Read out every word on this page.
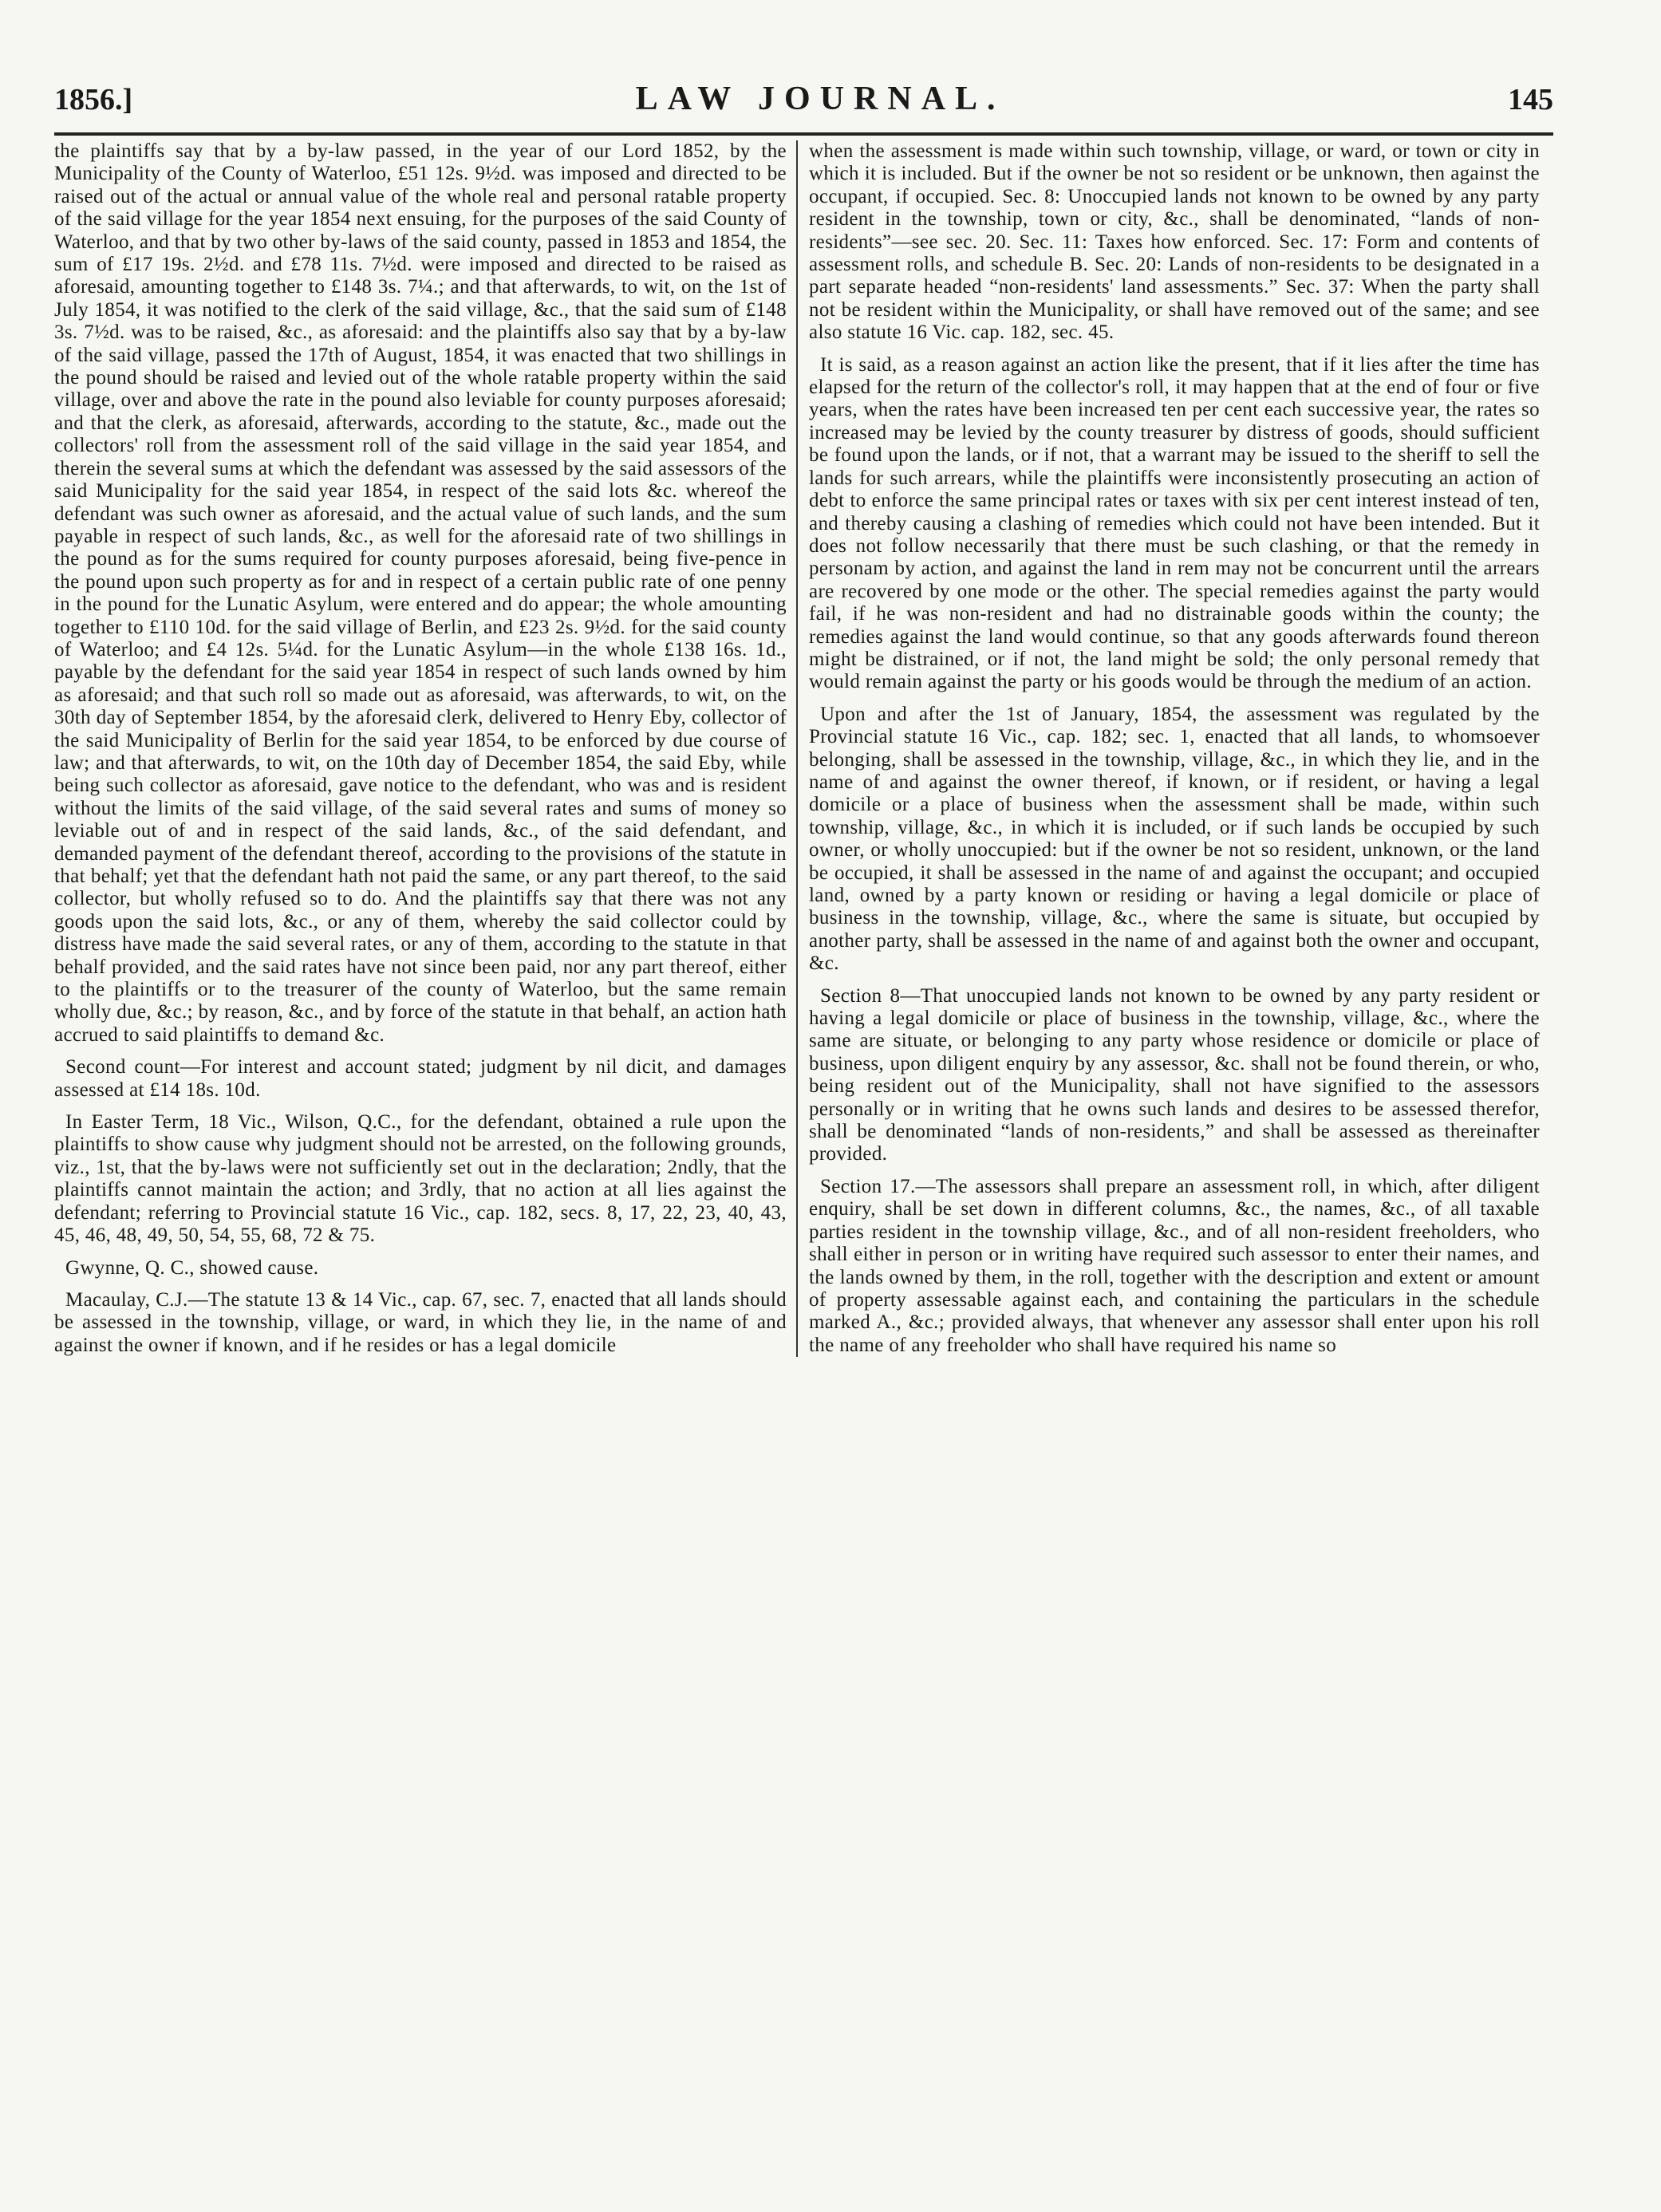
1856.]	LAW JOURNAL.	145

the plaintiffs say that by a by-law passed, in the year of our Lord 1852, by the Municipality of the County of Waterloo, £51 12s. 9½d. was imposed and directed to be raised out of the actual or annual value of the whole real and personal ratable property of the said village for the year 1854 next ensuing, for the purposes of the said County of Waterloo, and that by two other by-laws of the said county, passed in 1853 and 1854, the sum of £17 19s. 2½d. and £78 11s. 7½d. were imposed and directed to be raised as aforesaid, amounting together to £148 3s. 7¼.; and that afterwards, to wit, on the 1st of July 1854, it was notified to the clerk of the said village, &c., that the said sum of £148 3s. 7½d. was to be raised, &c., as aforesaid: and the plaintiffs also say that by a by-law of the said village, passed the 17th of August, 1854, it was enacted that two shillings in the pound should be raised and levied out of the whole ratable property within the said village, over and above the rate in the pound also leviable for county purposes aforesaid; and that the clerk, as aforesaid, afterwards, according to the statute, &c., made out the collectors' roll from the assessment roll of the said village in the said year 1854, and therein the several sums at which the defendant was assessed by the said assessors of the said Municipality for the said year 1854, in respect of the said lots &c. whereof the defendant was such owner as aforesaid, and the actual value of such lands, and the sum payable in respect of such lands, &c., as well for the aforesaid rate of two shillings in the pound as for the sums required for county purposes aforesaid, being five-pence in the pound upon such property as for and in respect of a certain public rate of one penny in the pound for the Lunatic Asylum, were entered and do appear; the whole amounting together to £110 10d. for the said village of Berlin, and £23 2s. 9½d. for the said county of Waterloo; and £4 12s. 5¼d. for the Lunatic Asylum—in the whole £138 16s. 1d., payable by the defendant for the said year 1854 in respect of such lands owned by him as aforesaid; and that such roll so made out as aforesaid, was afterwards, to wit, on the 30th day of September 1854, by the aforesaid clerk, delivered to Henry Eby, collector of the said Municipality of Berlin for the said year 1854, to be enforced by due course of law; and that afterwards, to wit, on the 10th day of December 1854, the said Eby, while being such collector as aforesaid, gave notice to the defendant, who was and is resident without the limits of the said village, of the said several rates and sums of money so leviable out of and in respect of the said lands, &c., of the said defendant, and demanded payment of the defendant thereof, according to the provisions of the statute in that behalf; yet that the defendant hath not paid the same, or any part thereof, to the said collector, but wholly refused so to do. And the plaintiffs say that there was not any goods upon the said lots, &c., or any of them, whereby the said collector could by distress have made the said several rates, or any of them, according to the statute in that behalf provided, and the said rates have not since been paid, nor any part thereof, either to the plaintiffs or to the treasurer of the county of Waterloo, but the same remain wholly due, &c.; by reason, &c., and by force of the statute in that behalf, an action hath accrued to said plaintiffs to demand &c.

Second count—For interest and account stated; judgment by nil dicit, and damages assessed at £14 18s. 10d.

In Easter Term, 18 Vic., Wilson, Q.C., for the defendant, obtained a rule upon the plaintiffs to show cause why judgment should not be arrested, on the following grounds, viz., 1st, that the by-laws were not sufficiently set out in the declaration; 2ndly, that the plaintiffs cannot maintain the action; and 3rdly, that no action at all lies against the defendant; referring to Provincial statute 16 Vic., cap. 182, secs. 8, 17, 22, 23, 40, 43, 45, 46, 48, 49, 50, 54, 55, 68, 72 & 75.

Gwynne, Q. C., showed cause.

Macaulay, C.J.—The statute 13 & 14 Vic., cap. 67, sec. 7, enacted that all lands should be assessed in the township, village, or ward, in which they lie, in the name of and against the owner if known, and if he resides or has a legal domicile

when the assessment is made within such township, village, or ward, or town or city in which it is included. But if the owner be not so resident or be unknown, then against the occupant, if occupied. Sec. 8: Unoccupied lands not known to be owned by any party resident in the township, town or city, &c., shall be denominated, “lands of non-residents”—see sec. 20. Sec. 11: Taxes how enforced. Sec. 17: Form and contents of assessment rolls, and schedule B. Sec. 20: Lands of non-residents to be designated in a part separate headed “non-residents' land assessments.” Sec. 37: When the party shall not be resident within the Municipality, or shall have removed out of the same; and see also statute 16 Vic. cap. 182, sec. 45.

It is said, as a reason against an action like the present, that if it lies after the time has elapsed for the return of the collector's roll, it may happen that at the end of four or five years, when the rates have been increased ten per cent each successive year, the rates so increased may be levied by the county treasurer by distress of goods, should sufficient be found upon the lands, or if not, that a warrant may be issued to the sheriff to sell the lands for such arrears, while the plaintiffs were inconsistently prosecuting an action of debt to enforce the same principal rates or taxes with six per cent interest instead of ten, and thereby causing a clashing of remedies which could not have been intended. But it does not follow necessarily that there must be such clashing, or that the remedy in personam by action, and against the land in rem may not be concurrent until the arrears are recovered by one mode or the other. The special remedies against the party would fail, if he was non-resident and had no distrainable goods within the county; the remedies against the land would continue, so that any goods afterwards found thereon might be distrained, or if not, the land might be sold; the only personal remedy that would remain against the party or his goods would be through the medium of an action.

Upon and after the 1st of January, 1854, the assessment was regulated by the Provincial statute 16 Vic., cap. 182; sec. 1, enacted that all lands, to whomsoever belonging, shall be assessed in the township, village, &c., in which they lie, and in the name of and against the owner thereof, if known, or if resident, or having a legal domicile or a place of business when the assessment shall be made, within such township, village, &c., in which it is included, or if such lands be occupied by such owner, or wholly unoccupied: but if the owner be not so resident, unknown, or the land be occupied, it shall be assessed in the name of and against the occupant; and occupied land, owned by a party known or residing or having a legal domicile or place of business in the township, village, &c., where the same is situate, but occupied by another party, shall be assessed in the name of and against both the owner and occupant, &c.

Section 8—That unoccupied lands not known to be owned by any party resident or having a legal domicile or place of business in the township, village, &c., where the same are situate, or belonging to any party whose residence or domicile or place of business, upon diligent enquiry by any assessor, &c. shall not be found therein, or who, being resident out of the Municipality, shall not have signified to the assessors personally or in writing that he owns such lands and desires to be assessed therefor, shall be denominated “lands of non-residents,” and shall be assessed as thereinafter provided.

Section 17.—The assessors shall prepare an assessment roll, in which, after diligent enquiry, shall be set down in different columns, &c., the names, &c., of all taxable parties resident in the township village, &c., and of all non-resident freeholders, who shall either in person or in writing have required such assessor to enter their names, and the lands owned by them, in the roll, together with the description and extent or amount of property assessable against each, and containing the particulars in the schedule marked A., &c.; provided always, that whenever any assessor shall enter upon his roll the name of any freeholder who shall have required his name so
